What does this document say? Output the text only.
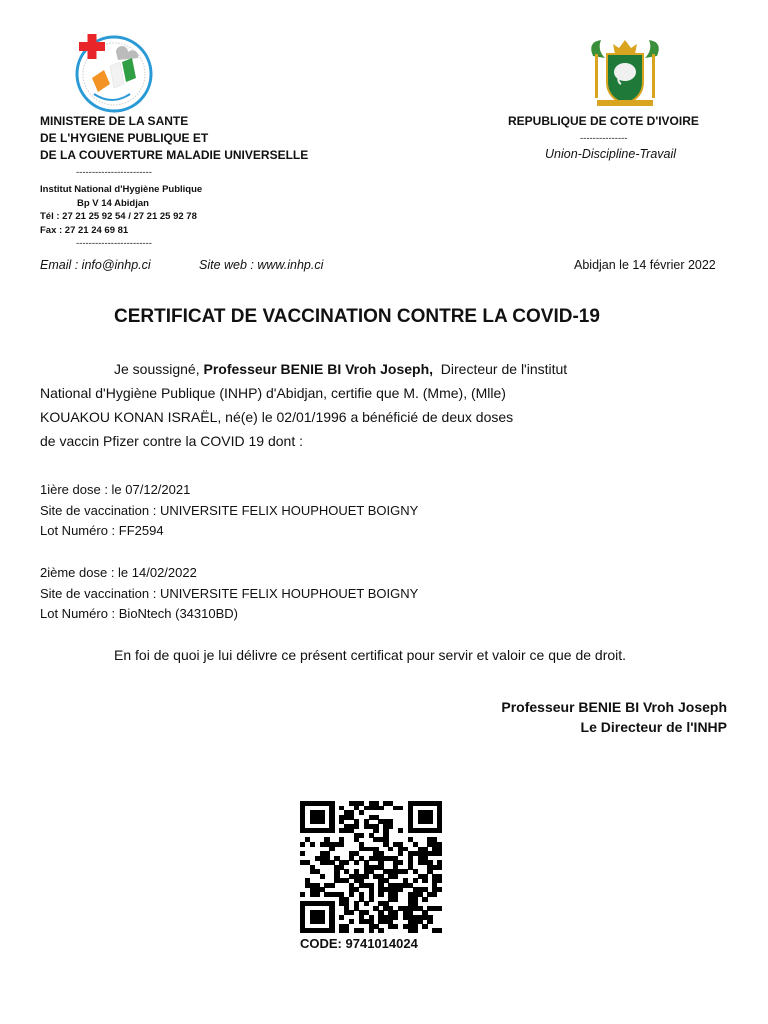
MINISTERE DE LA SANTE
DE L'HYGIENE PUBLIQUE ET
DE LA COUVERTURE MALADIE UNIVERSELLE
------------------------
Institut National d'Hygiène Publique
Bp V 14 Abidjan
Tél : 27 21 25 92 54 / 27 21 25 92 78
Fax : 27 21 24 69 81
------------------------
REPUBLIQUE DE COTE D'IVOIRE
---------------
Union-Discipline-Travail
Email : info@inhp.ci	Site web : www.inhp.ci	Abidjan le 14 février 2022
CERTIFICAT DE VACCINATION CONTRE LA COVID-19
Je soussigné, Professeur BENIE BI Vroh Joseph,  Directeur de l'institut
National d'Hygiène Publique (INHP) d'Abidjan, certifie que M. (Mme), (Mlle)
KOUAKOU KONAN ISRAËL, né(e) le 02/01/1996 a bénéficié de deux doses
de vaccin Pfizer contre la COVID 19 dont :
1ière dose : le 07/12/2021
Site de vaccination : UNIVERSITE FELIX HOUPHOUET BOIGNY
Lot Numéro : FF2594
2ième dose : le 14/02/2022
Site de vaccination : UNIVERSITE FELIX HOUPHOUET BOIGNY
Lot Numéro : BioNtech (34310BD)
En foi de quoi je lui délivre ce présent certificat pour servir et valoir ce que de droit.
Professeur BENIE BI Vroh Joseph
Le Directeur de l'INHP
CODE: 9741014024
